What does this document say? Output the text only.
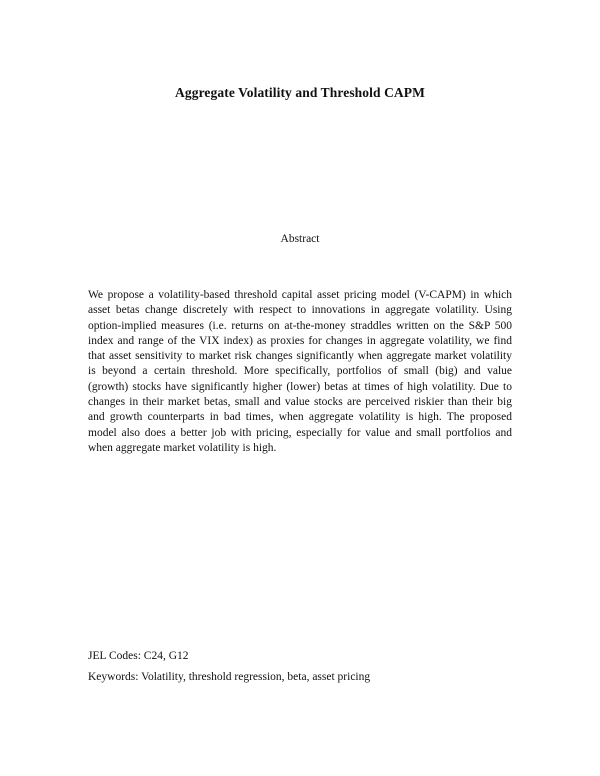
Aggregate Volatility and Threshold CAPM
Abstract
We propose a volatility-based threshold capital asset pricing model (V-CAPM) in which asset betas change discretely with respect to innovations in aggregate volatility. Using option-implied measures (i.e. returns on at-the-money straddles written on the S&P 500 index and range of the VIX index) as proxies for changes in aggregate volatility, we find that asset sensitivity to market risk changes significantly when aggregate market volatility is beyond a certain threshold. More specifically, portfolios of small (big) and value (growth) stocks have significantly higher (lower) betas at times of high volatility. Due to changes in their market betas, small and value stocks are perceived riskier than their big and growth counterparts in bad times, when aggregate volatility is high. The proposed model also does a better job with pricing, especially for value and small portfolios and when aggregate market volatility is high.
JEL Codes: C24, G12
Keywords: Volatility, threshold regression, beta, asset pricing
